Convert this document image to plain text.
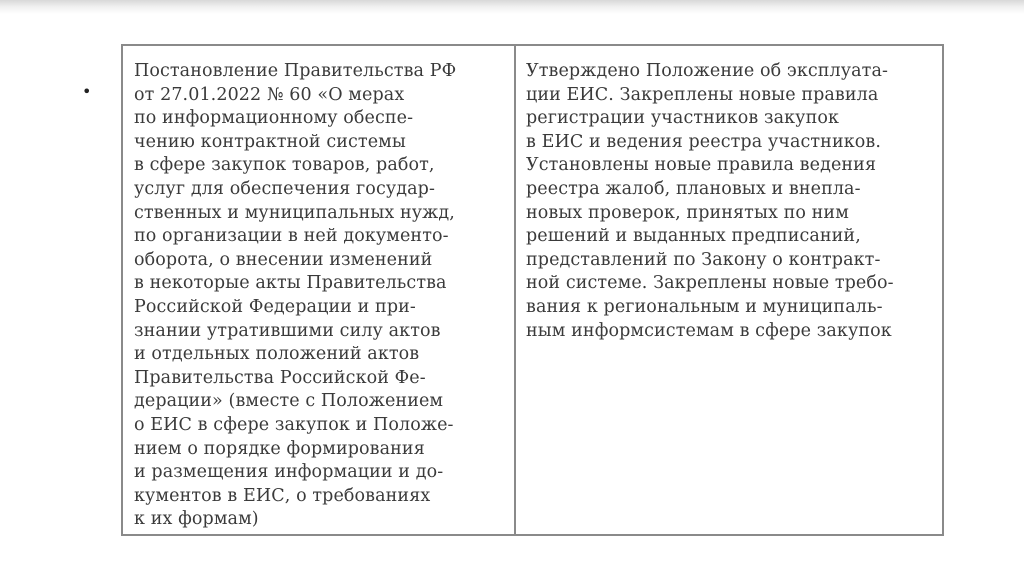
•
Постановление Правительства РФ
от 27.01.2022 № 60 «О мерах
по информационному обеспе-
чению контрактной системы
в сфере закупок товаров, работ,
услуг для обеспечения государ-
ственных и муниципальных нужд,
по организации в ней документо-
оборота, о внесении изменений
в некоторые акты Правительства
Российской Федерации и при-
знании утратившими силу актов
и отдельных положений актов
Правительства Российской Фе-
дерации» (вместе с Положением
о ЕИС в сфере закупок и Положе-
нием о порядке формирования
и размещения информации и до-
кументов в ЕИС, о требованиях
к их формам)
Утверждено Положение об эксплуата-
ции ЕИС. Закреплены новые правила
регистрации участников закупок
в ЕИС и ведения реестра участников.
Установлены новые правила ведения
реестра жалоб, плановых и внепла-
новых проверок, принятых по ним
решений и выданных предписаний,
представлений по Закону о контракт-
ной системе. Закреплены новые требо-
вания к региональным и муниципаль-
ным информсистемам в сфере закупок
